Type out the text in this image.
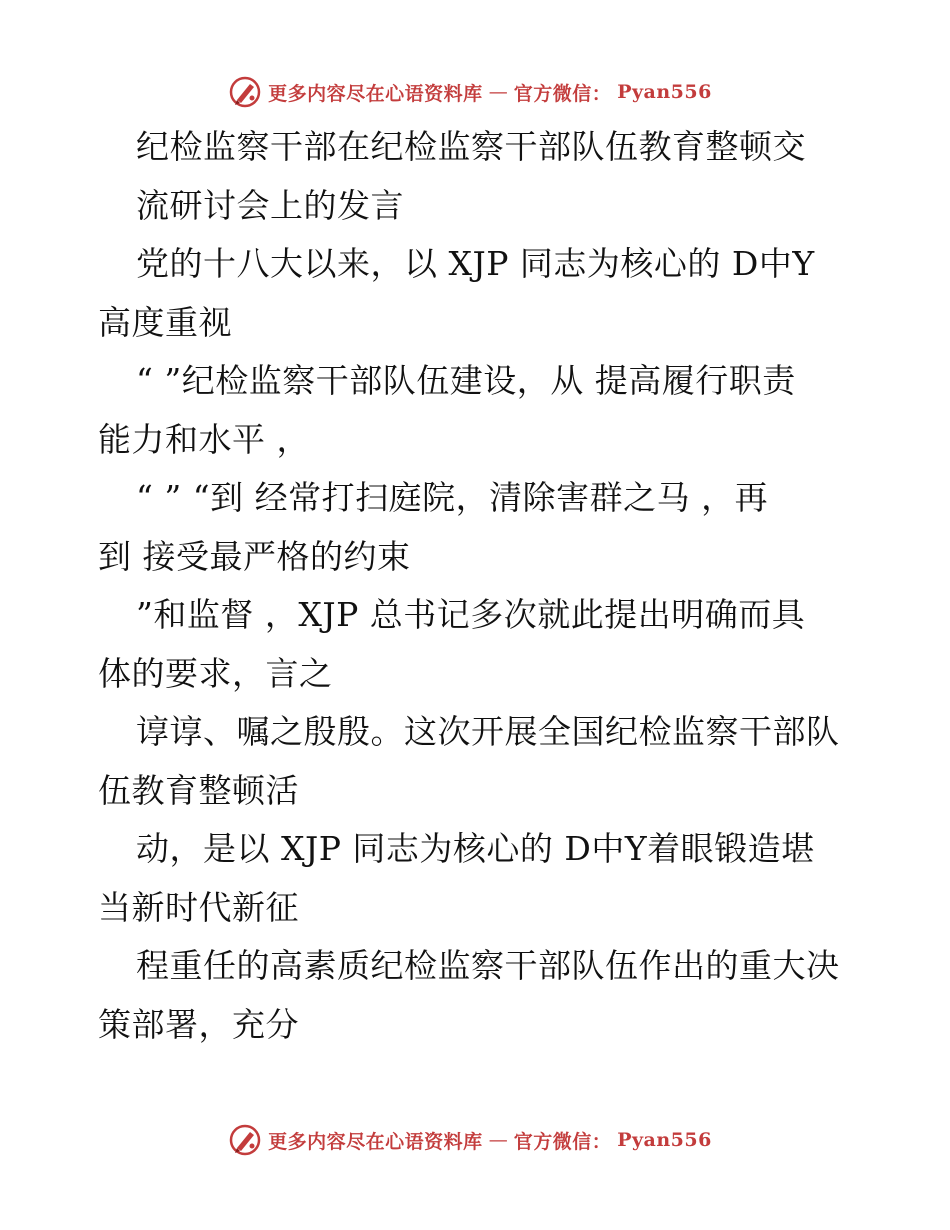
更多内容尽在心语资料库 — 官方微信： Pyan556
纪检监察干部在纪检监察干部队伍教育整顿交
流研讨会上的发言
党的十八大以来，以 XJP 同志为核心的 D中Y
高度重视
“ ”纪检监察干部队伍建设，从 提高履行职责
能力和水平 ，
“ ” “到 经常打扫庭院，清除害群之马 ，再
到 接受最严格的约束
”和监督 ，XJP 总书记多次就此提出明确而具
体的要求，言之
谆谆、嘱之殷殷。这次开展全国纪检监察干部队
伍教育整顿活
动，是以 XJP 同志为核心的 D中Y着眼锻造堪
当新时代新征
程重任的高素质纪检监察干部队伍作出的重大决
策部署，充分
更多内容尽在心语资料库 — 官方微信： Pyan556
